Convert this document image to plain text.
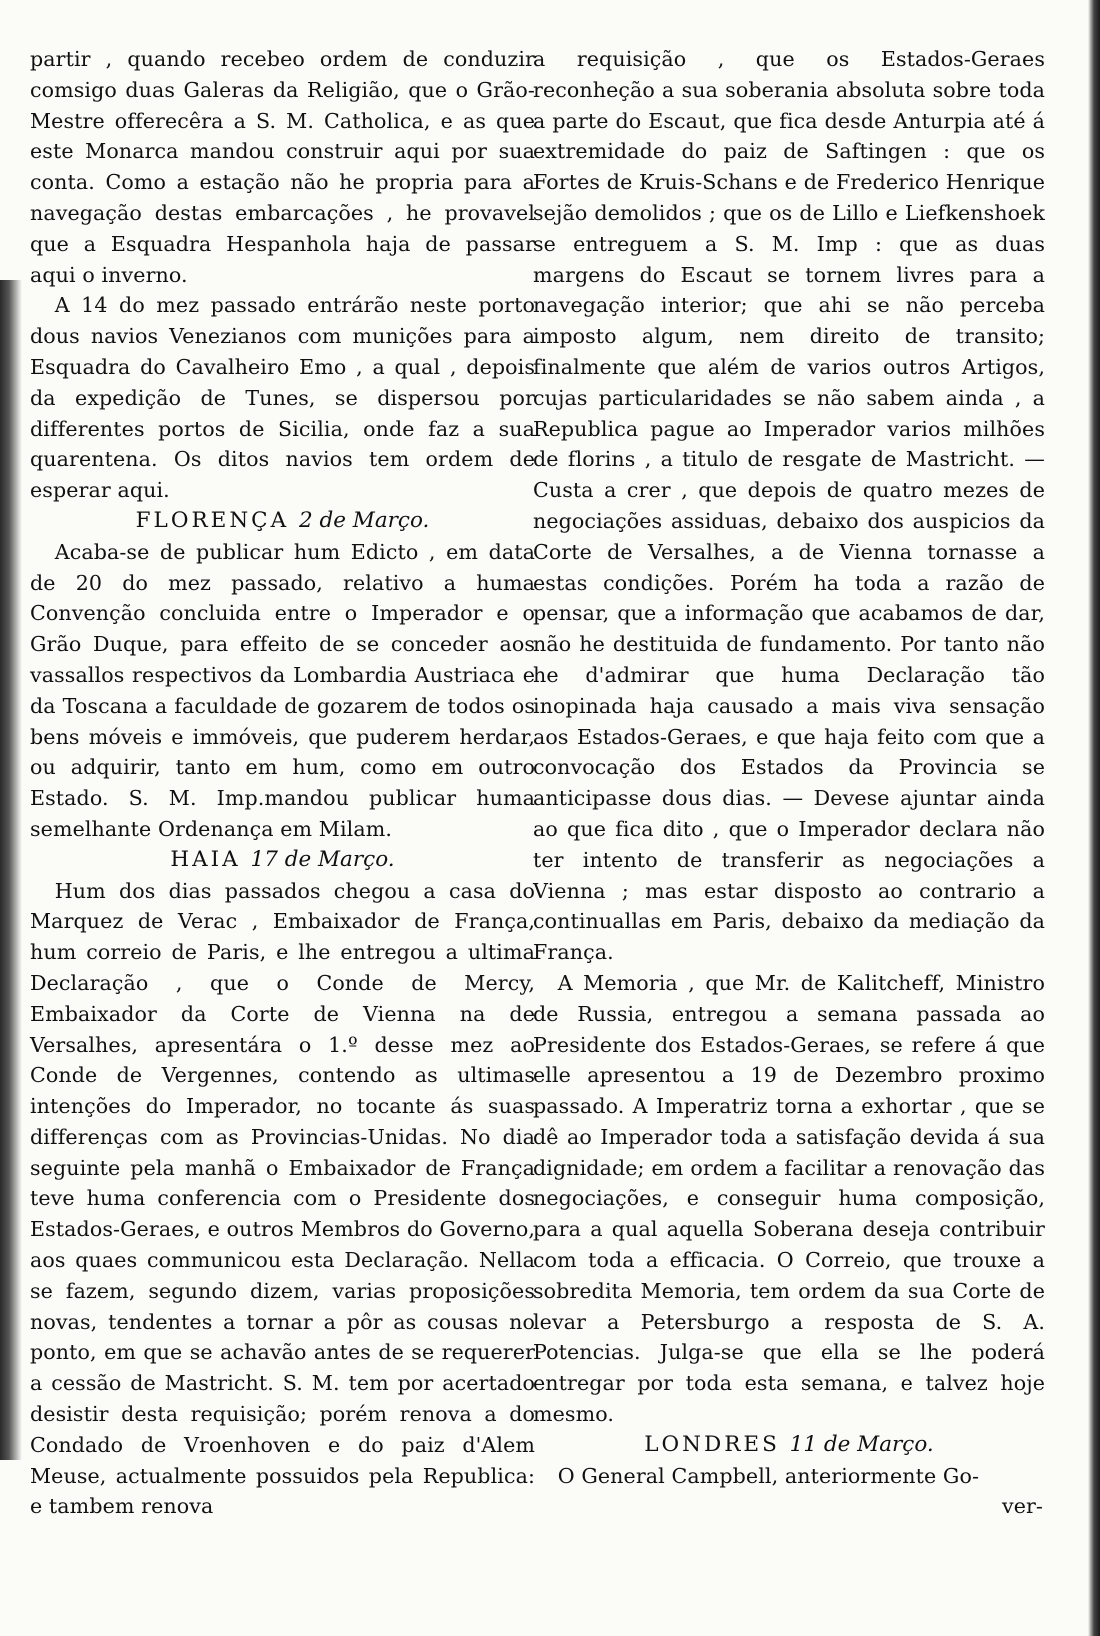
partir , quando recebeo ordem de conduzir comsigo duas Galeras da Religião, que o Grão-Mestre offerecêra a S. M. Catholica, e as que este Monarca mandou construir aqui por sua conta. Como a estação não he propria para a navegação destas embarcações , he provavel que a Esquadra Hespanhola haja de passar aqui o inverno.

A 14 do mez passado entrárão neste porto dous navios Venezianos com munições para a Esquadra do Cavalheiro Emo , a qual , depois da expedição de Tunes, se dispersou por differentes portos de Sicilia, onde faz a sua quarentena. Os ditos navios tem ordem de esperar aqui.

FLORENÇA 2 de Março.

Acaba-se de publicar hum Edicto , em data de 20 do mez passado, relativo a huma Convenção concluida entre o Imperador e o Grão Duque, para effeito de se conceder aos vassallos respectivos da Lombardia Austriaca e da Toscana a faculdade de gozarem de todos os bens móveis e immóveis, que puderem herdar, ou adquirir, tanto em hum, como em outro Estado. S. M. Imp.mandou publicar huma semelhante Ordenança em Milam.

HAIA 17 de Março.

Hum dos dias passados chegou a casa do Marquez de Verac , Embaixador de França, hum correio de Paris, e lhe entregou a ultima Declaração , que o Conde de Mercy, Embaixador da Corte de Vienna na de Versalhes, apresentára o 1.º desse mez ao Conde de Vergennes, contendo as ultimas intenções do Imperador, no tocante ás suas differenças com as Provincias-Unidas. No dia seguinte pela manhã o Embaixador de França teve huma conferencia com o Presidente dos Estados-Geraes, e outros Membros do Governo, aos quaes communicou esta Declaração. Nella se fazem, segundo dizem, varias proposições novas, tendentes a tornar a pôr as cousas no ponto, em que se achavão antes de se requerer a cessão de Mastricht. S. M. tem por acertado desistir desta requisição; porém renova a do Condado de Vroenhoven e do paiz d'Alem Meuse, actualmente possuidos pela Republica: e tambem renova

a requisição , que os Estados-Geraes reconheção a sua soberania absoluta sobre toda a parte do Escaut, que fica desde Anturpia até á extremidade do paiz de Saftingen : que os Fortes de Kruis-Schans e de Frederico Henrique sejão demolidos ; que os de Lillo e Liefkenshoek se entreguem a S. M. Imp : que as duas margens do Escaut se tornem livres para a navegação interior; que ahi se não perceba imposto algum, nem direito de transito; finalmente que além de varios outros Artigos, cujas particularidades se não sabem ainda , a Republica pague ao Imperador varios milhões de florins , a titulo de resgate de Mastricht. — Custa a crer , que depois de quatro mezes de negociações assiduas, debaixo dos auspicios da Corte de Versalhes, a de Vienna tornasse a estas condições. Porém ha toda a razão de pensar, que a informação que acabamos de dar, não he destituida de fundamento. Por tanto não he d'admirar que huma Declaração tão inopinada haja causado a mais viva sensação aos Estados-Geraes, e que haja feito com que a convocação dos Estados da Provincia se anticipasse dous dias. — Devese ajuntar ainda ao que fica dito , que o Imperador declara não ter intento de transferir as negociações a Vienna ; mas estar disposto ao contrario a continuallas em Paris, debaixo da mediação da França.

A Memoria , que Mr. de Kalitcheff, Ministro de Russia, entregou a semana passada ao Presidente dos Estados-Geraes, se refere á que elle apresentou a 19 de Dezembro proximo passado. A Imperatriz torna a exhortar , que se dê ao Imperador toda a satisfação devida á sua dignidade; em ordem a facilitar a renovação das negociações, e conseguir huma composição, para a qual aquella Soberana deseja contribuir com toda a efficacia. O Correio, que trouxe a sobredita Memoria, tem ordem da sua Corte de levar a Petersburgo a resposta de S. A. Potencias. Julga-se que ella se lhe poderá entregar por toda esta semana, e talvez hoje mesmo.

LONDRES 11 de Março.

O General Campbell, anteriormente Go-

ver-
